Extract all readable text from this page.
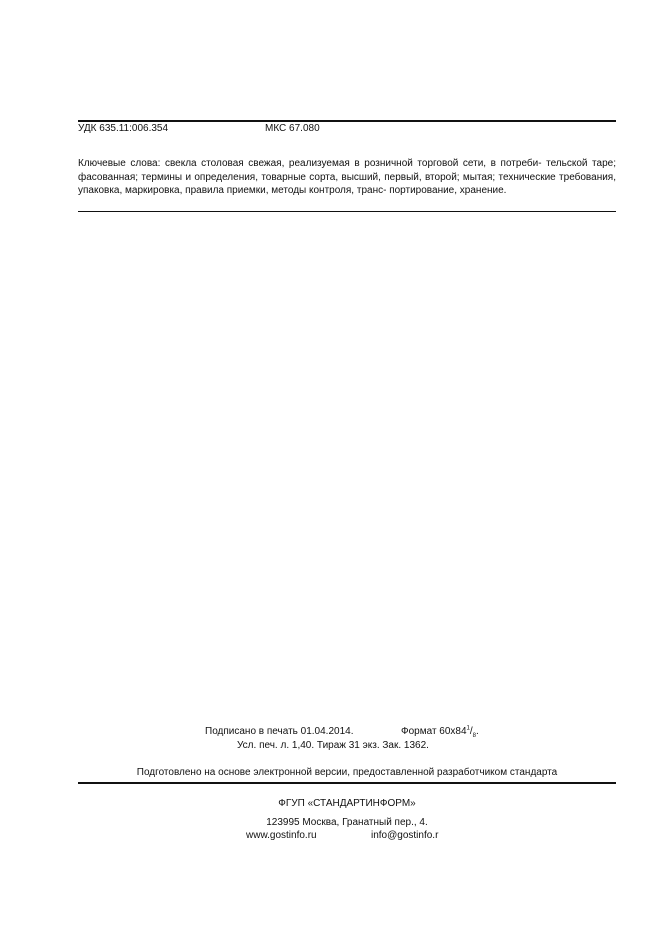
УДК 635.11:006.354	МКС 67.080
Ключевые слова: свекла столовая свежая, реализуемая в розничной торговой сети, в потреби- тельской таре; фасованная; термины и определения, товарные сорта, высший, первый, второй; мытая; технические требования, упаковка, маркировка, правила приемки, методы контроля, транс- портирование, хранение.
Подписано в печать 01.04.2014.	Формат $60x84^1/_8$.
Усл. печ. л. 1,40. Тираж 31 экз. Зак. 1362.
Подготовлено на основе электронной версии, предоставленной разработчиком стандарта
ФГУП «СТАНДАРТИНФОРМ»
123995 Москва, Гранатный пер., 4.
www.gostinfo.ru	info@gostinfo.r
